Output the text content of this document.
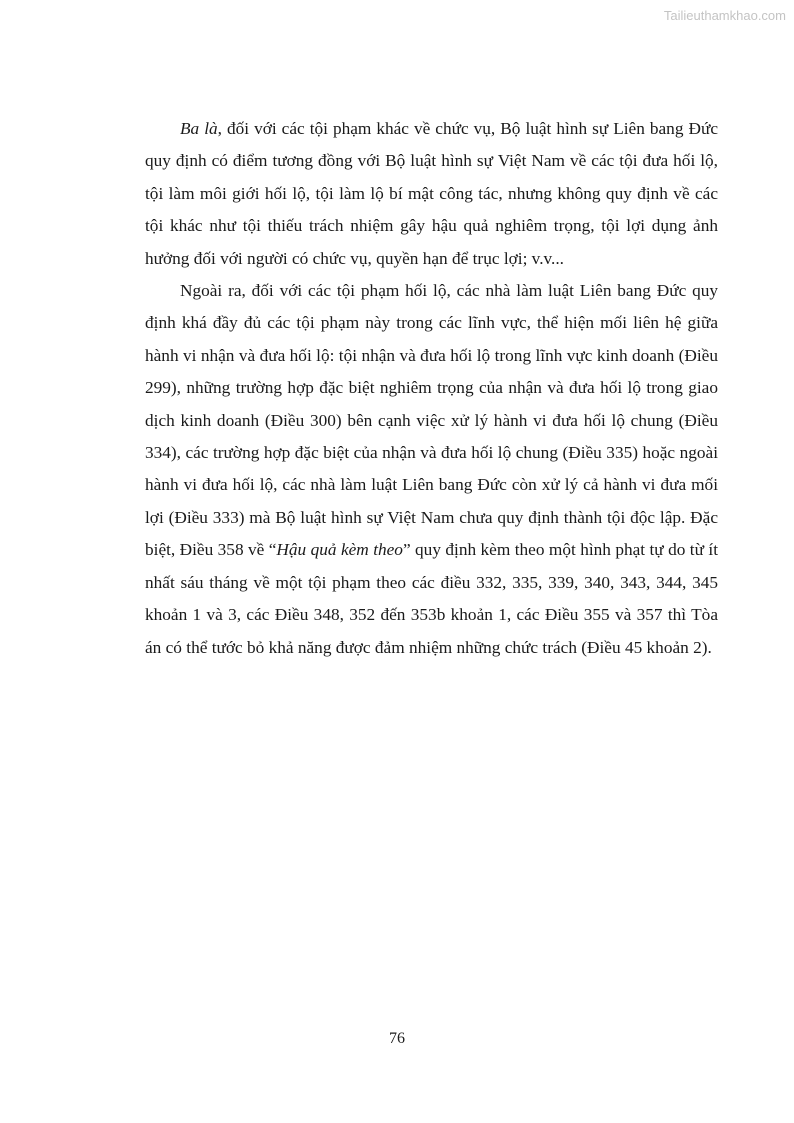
Tailieuthamkhao.com

Ba là, đối với các tội phạm khác về chức vụ, Bộ luật hình sự Liên bang Đức quy định có điểm tương đồng với Bộ luật hình sự Việt Nam về các tội đưa hối lộ, tội làm môi giới hối lộ, tội làm lộ bí mật công tác, nhưng không quy định về các tội khác như tội thiếu trách nhiệm gây hậu quả nghiêm trọng, tội lợi dụng ảnh hưởng đối với người có chức vụ, quyền hạn để trục lợi; v.v...

Ngoài ra, đối với các tội phạm hối lộ, các nhà làm luật Liên bang Đức quy định khá đầy đủ các tội phạm này trong các lĩnh vực, thể hiện mối liên hệ giữa hành vi nhận và đưa hối lộ: tội nhận và đưa hối lộ trong lĩnh vực kinh doanh (Điều 299), những trường hợp đặc biệt nghiêm trọng của nhận và đưa hối lộ trong giao dịch kinh doanh (Điều 300) bên cạnh việc xử lý hành vi đưa hối lộ chung (Điều 334), các trường hợp đặc biệt của nhận và đưa hối lộ chung (Điều 335) hoặc ngoài hành vi đưa hối lộ, các nhà làm luật Liên bang Đức còn xử lý cả hành vi đưa mối lợi (Điều 333) mà Bộ luật hình sự Việt Nam chưa quy định thành tội độc lập. Đặc biệt, Điều 358 về “Hậu quả kèm theo” quy định kèm theo một hình phạt tự do từ ít nhất sáu tháng về một tội phạm theo các điều 332, 335, 339, 340, 343, 344, 345 khoản 1 và 3, các Điều 348, 352 đến 353b khoản 1, các Điều 355 và 357 thì Tòa án có thể tước bỏ khả năng được đảm nhiệm những chức trách (Điều 45 khoản 2).

76
